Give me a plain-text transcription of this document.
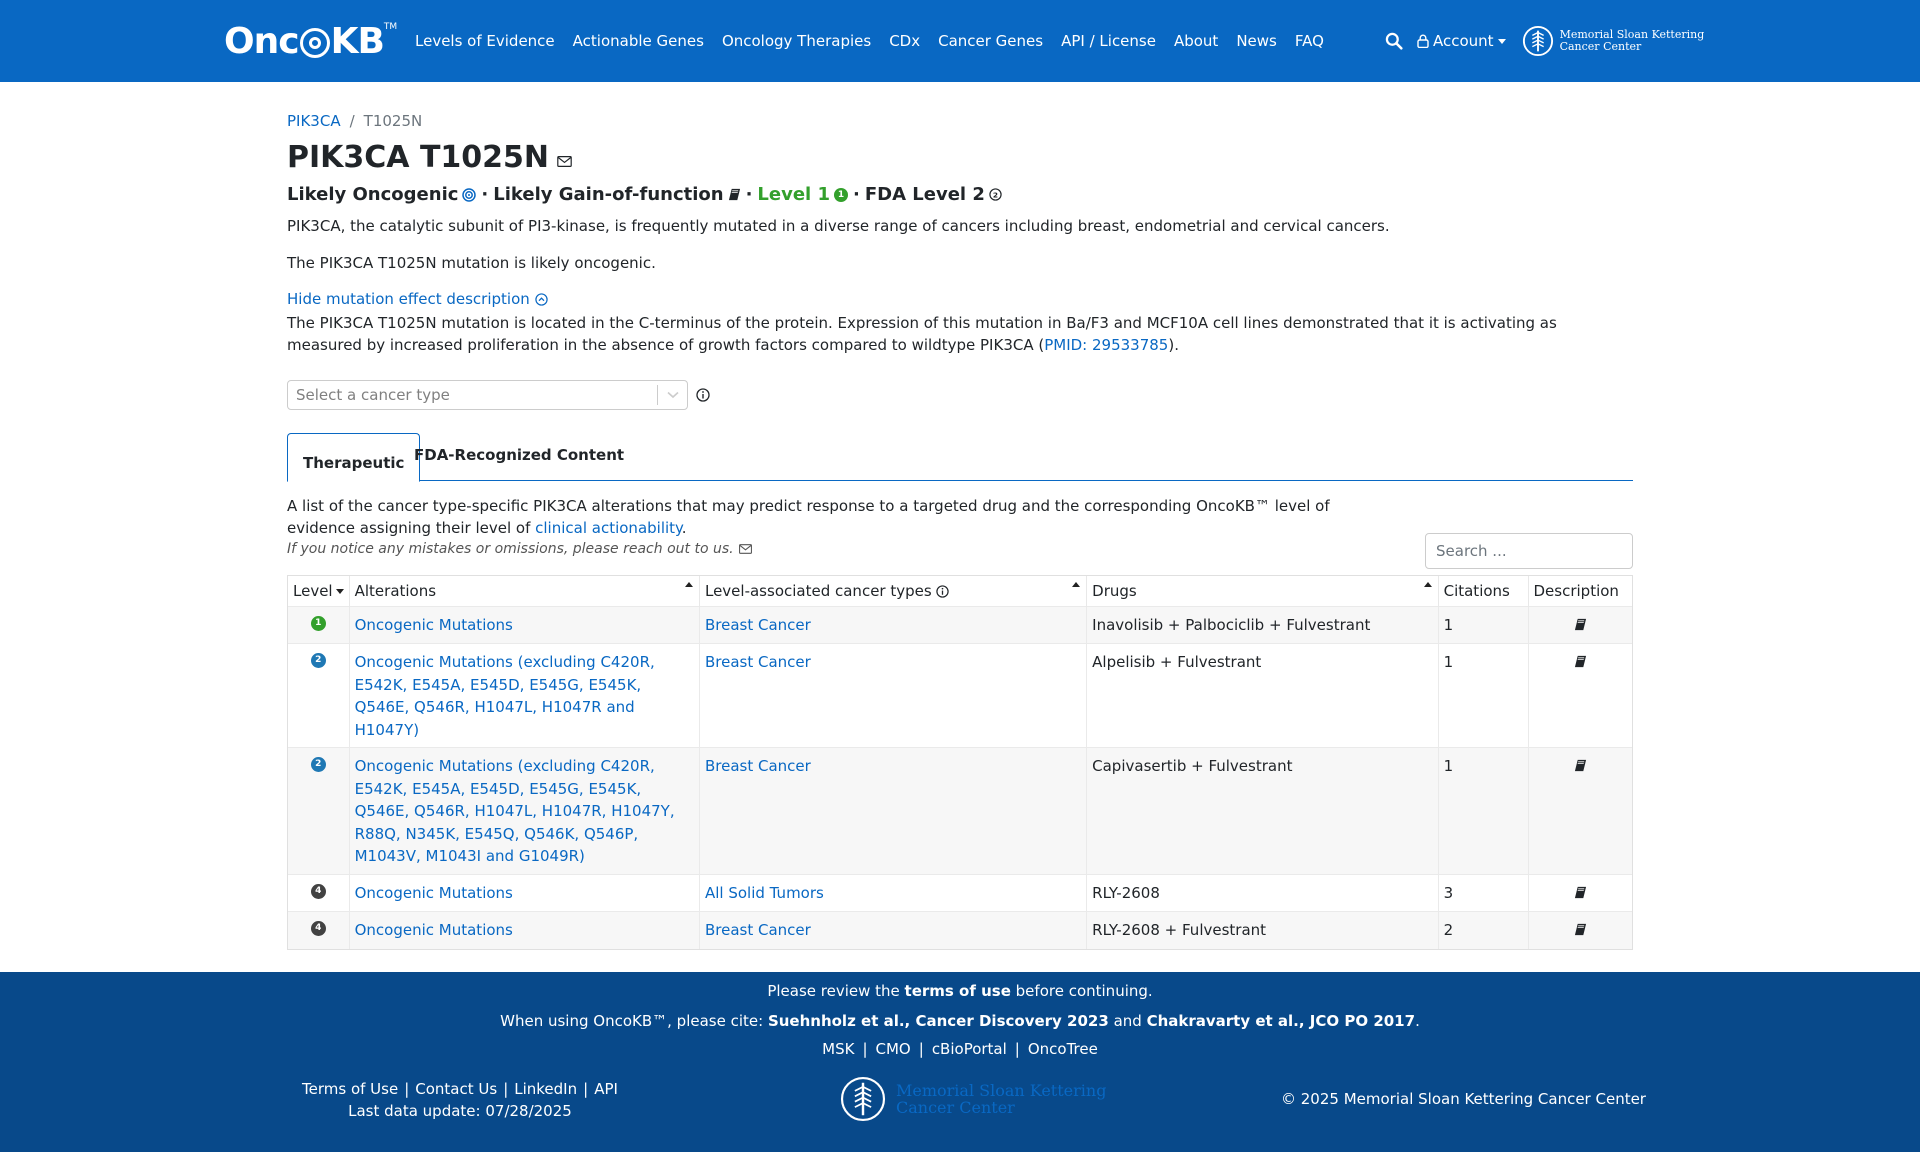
Onc KB™
Levels of Evidence Actionable Genes Oncology Therapies CDx Cancer Genes API / License About News FAQ	Account	Memorial Sloan Kettering
Cancer Center
PIK3CA / T1025N
PIK3CA T1025N
Likely Oncogenic · Likely Gain-of-function · Level 1 1 · FDA Level 2 2

PIK3CA, the catalytic subunit of PI3-kinase, is frequently mutated in a diverse range of cancers including breast, endometrial and cervical cancers.

The PIK3CA T1025N mutation is likely oncogenic.

Hide mutation effect description

The PIK3CA T1025N mutation is located in the C-terminus of the protein. Expression of this mutation in Ba/F3 and MCF10A cell lines demonstrated that it is activating as measured by increased proliferation in the absence of growth factors compared to wildtype PIK3CA (PMID: 29533785).

Select a cancer type
Therapeutic FDA-Recognized Content

A list of the cancer type-specific PIK3CA alterations that may predict response to a targeted drug and the corresponding OncoKB™ level of evidence assigning their level of clinical actionability.

If you notice any mistakes or omissions, please reach out to us.
Search ...
Level	Alterations	Level-associated cancer types	Drugs	Citations	Description

1	Oncogenic Mutations	Breast Cancer	Inavolisib + Palbociclib + Fulvestrant	1	

2	Oncogenic Mutations (excluding C420R, E542K, E545A, E545D, E545G, E545K, Q546E, Q546R, H1047L, H1047R and H1047Y)	Breast Cancer	Alpelisib + Fulvestrant	1	

2	Oncogenic Mutations (excluding C420R, E542K, E545A, E545D, E545G, E545K, Q546E, Q546R, H1047L, H1047R, H1047Y, R88Q, N345K, E545Q, Q546K, Q546P, M1043V, M1043I and G1049R)	Breast Cancer	Capivasertib + Fulvestrant	1	

4	Oncogenic Mutations	All Solid Tumors	RLY-2608	3	

4	Oncogenic Mutations	Breast Cancer	RLY-2608 + Fulvestrant	2	
Please review the terms of use before continuing.
When using OncoKB™, please cite: Suehnholz et al., Cancer Discovery 2023 and Chakravarty et al., JCO PO 2017.
MSK | CMO | cBioPortal | OncoTree
Terms of Use | Contact Us | LinkedIn | API
Last data update: 07/28/2025
Memorial Sloan Kettering
Cancer Center	© 2025 Memorial Sloan Kettering Cancer Center
